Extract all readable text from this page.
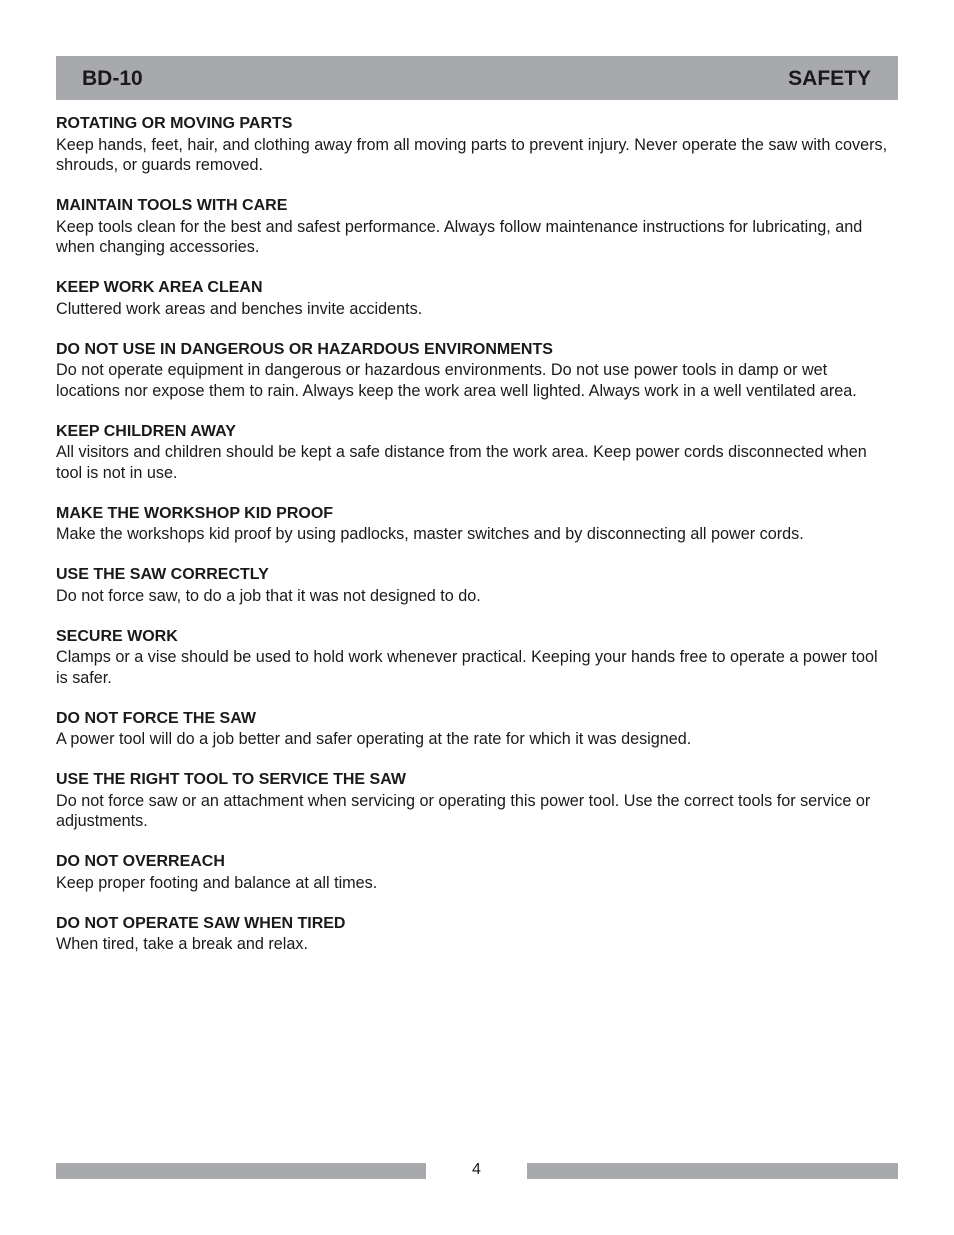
BD-10	SAFETY

ROTATING OR MOVING PARTS

Keep hands, feet, hair, and clothing away from all moving parts to prevent injury. Never operate the saw with covers, shrouds, or guards removed.

MAINTAIN TOOLS WITH CARE

Keep tools clean for the best and safest performance. Always follow maintenance instructions for lubricating, and when changing accessories.

KEEP WORK AREA CLEAN

Cluttered work areas and benches invite accidents.

DO NOT USE IN DANGEROUS OR HAZARDOUS ENVIRONMENTS

Do not operate equipment in dangerous or hazardous environments. Do not use power tools in damp or wet locations nor expose them to rain. Always keep the work area well lighted. Always work in a well ventilated area.

KEEP CHILDREN AWAY

All visitors and children should be kept a safe distance from the work area. Keep power cords disconnected when tool is not in use.

MAKE THE WORKSHOP KID PROOF

Make the workshops kid proof by using padlocks, master switches and by disconnecting all power cords.

USE THE SAW CORRECTLY

Do not force saw, to do a job that it was not designed to do.

SECURE WORK

Clamps or a vise should be used to hold work whenever practical. Keeping your hands free to operate a power tool is safer.

DO NOT FORCE THE SAW

A power tool will do a job better and safer operating at the rate for which it was designed.

USE THE RIGHT TOOL TO SERVICE THE SAW

Do not force saw or an attachment when servicing or operating this power tool. Use the correct tools for service or adjustments.

DO NOT OVERREACH

Keep proper footing and balance at all times.

DO NOT OPERATE SAW WHEN TIRED

When tired, take a break and relax.

4
